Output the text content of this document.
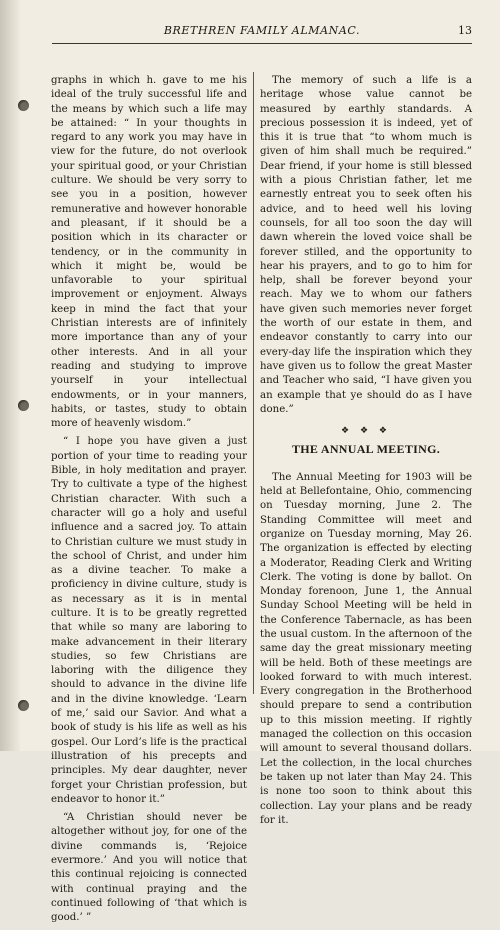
BRETHREN FAMILY ALMANAC.	13

graphs in which h. gave to me his ideal of the truly successful life and the means by which such a life may be attained: “ In your thoughts in regard to any work you may have in view for the future, do not overlook your spiritual good, or your Christian culture. We should be very sorry to see you in a position, however remunerative and however honorable and pleasant, if it should be a position which in its character or tendency, or in the community in which it might be, would be unfavorable to your spiritual improvement or enjoyment. Always keep in mind the fact that your Christian interests are of infinitely more importance than any of your other interests. And in all your reading and studying to improve yourself in your intellectual endowments, or in your manners, habits, or tastes, study to obtain more of heavenly wisdom.”

“ I hope you have given a just portion of your time to reading your Bible, in holy meditation and prayer. Try to cultivate a type of the highest Christian character. With such a character will go a holy and useful influence and a sacred joy. To attain to Christian culture we must study in the school of Christ, and under him as a divine teacher. To make a proficiency in divine culture, study is as necessary as it is in mental culture. It is to be greatly regretted that while so many are laboring to make advancement in their literary studies, so few Christians are laboring with the diligence they should to advance in the divine life and in the divine knowledge. ‘Learn of me,’ said our Savior. And what a book of study is his life as well as his gospel. Our Lord’s life is the practical illustration of his precepts and principles. My dear daughter, never forget your Christian profession, but endeavor to honor it.”

“A Christian should never be altogether without joy, for one of the divine commands is, ‘Rejoice evermore.’ And you will notice that this continual rejoicing is connected with continual praying and the continued following of ‘that which is good.’ ”

The memory of such a life is a heritage whose value cannot be measured by earthly standards. A precious possession it is indeed, yet of this it is true that “to whom much is given of him shall much be required.” Dear friend, if your home is still blessed with a pious Christian father, let me earnestly entreat you to seek often his advice, and to heed well his loving counsels, for all too soon the day will dawn wherein the loved voice shall be forever stilled, and the opportunity to hear his prayers, and to go to him for help, shall be forever beyond your reach. May we to whom our fathers have given such memories never forget the worth of our estate in them, and endeavor constantly to carry into our every-day life the inspiration which they have given us to follow the great Master and Teacher who said, “I have given you an example that ye should do as I have done.”

❖ ❖ ❖
THE ANNUAL MEETING.

The Annual Meeting for 1903 will be held at Bellefontaine, Ohio, commencing on Tuesday morning, June 2. The Standing Committee will meet and organize on Tuesday morning, May 26. The organization is effected by electing a Moderator, Reading Clerk and Writing Clerk. The voting is done by ballot. On Monday forenoon, June 1, the Annual Sunday School Meeting will be held in the Conference Tabernacle, as has been the usual custom. In the afternoon of the same day the great missionary meeting will be held. Both of these meetings are looked forward to with much interest. Every congregation in the Brotherhood should prepare to send a contribution up to this mission meeting. If rightly managed the collection on this occasion will amount to several thousand dollars. Let the collection, in the local churches be taken up not later than May 24. This is none too soon to think about this collection. Lay your plans and be ready for it.
